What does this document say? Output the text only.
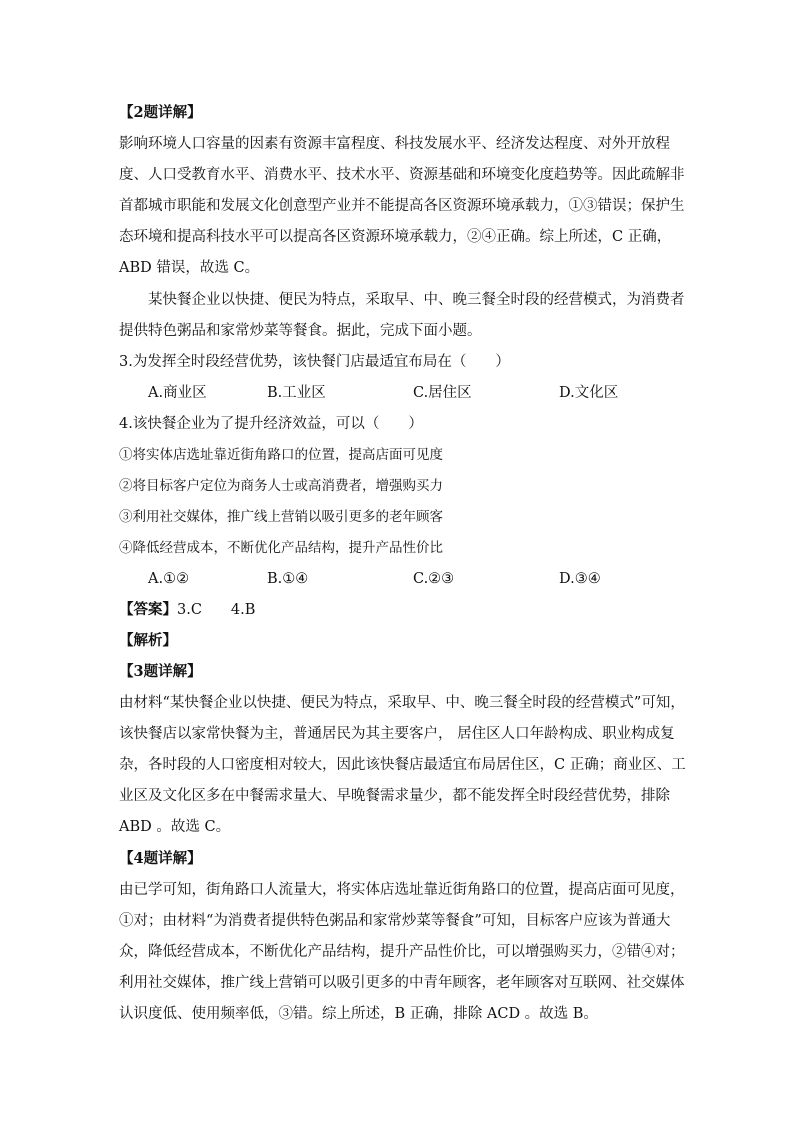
【2题详解】
影响环境人口容量的因素有资源丰富程度、科技发展水平、经济发达程度、对外开放程
度、人口受教育水平、消费水平、技术水平、资源基础和环境变化度趋势等。因此疏解非
首都城市职能和发展文化创意型产业并不能提高各区资源环境承载力，①③错误；保护生
态环境和提高科技水平可以提高各区资源环境承载力，②④正确。综上所述，C 正确，
ABD 错误，故选 C。
某快餐企业以快捷、便民为特点，采取早、中、晚三餐全时段的经营模式，为消费者
提供特色粥品和家常炒菜等餐食。据此，完成下面小题。
3.为发挥全时段经营优势，该快餐门店最适宜布局在（　　）
A.商业区	B.工业区	C.居住区	D.文化区
4.该快餐企业为了提升经济效益，可以（　　）
①将实体店选址靠近街角路口的位置，提高店面可见度
②将目标客户定位为商务人士或高消费者，增强购买力
③利用社交媒体，推广线上营销以吸引更多的老年顾客
④降低经营成本，不断优化产品结构，提升产品性价比
A.①②	B.①④	C.②③	D.③④
【答案】3.C　　4.B
【解析】
【3题详解】
由材料“某快餐企业以快捷、便民为特点，采取早、中、晚三餐全时段的经营模式”可知，
该快餐店以家常快餐为主，普通居民为其主要客户， 居住区人口年龄构成、职业构成复
杂，各时段的人口密度相对较大，因此该快餐店最适宜布局居住区，C 正确；商业区、工
业区及文化区多在中餐需求量大、早晚餐需求量少，都不能发挥全时段经营优势，排除
ABD 。故选 C。
【4题详解】
由已学可知，街角路口人流量大，将实体店选址靠近街角路口的位置，提高店面可见度，
①对；由材料“为消费者提供特色粥品和家常炒菜等餐食”可知，目标客户应该为普通大
众，降低经营成本，不断优化产品结构，提升产品性价比，可以增强购买力，②错④对；
利用社交媒体，推广线上营销可以吸引更多的中青年顾客，老年顾客对互联网、社交媒体
认识度低、使用频率低，③错。综上所述，B 正确，排除 ACD 。故选 B。
